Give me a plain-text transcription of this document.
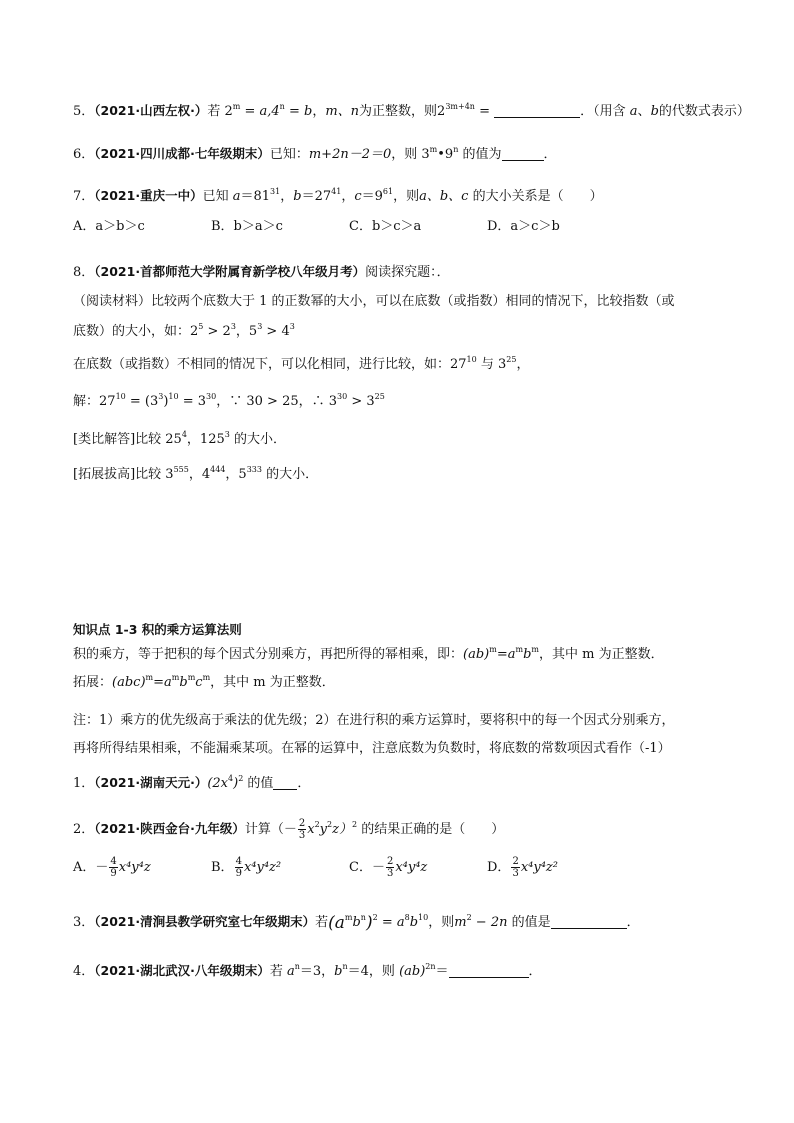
5．（2021·山西左权·）若 $2^m = a,4^n = b$，m、n为正整数，则$2^{3m+4n}$ =	．（用含 a、b的代数式表示）
6．（2021·四川成都·七年级期末）已知：m+2n－2＝0，则 3$^m$•9$^n$ 的值为	．
7．（2021·重庆一中）已知 $a=81^{31}$，$b=27^{41}$，$c=9^{61}$，则a、b、c 的大小关系是（　　）
A．a＞b＞c	B．b＞a＞c	C．b＞c＞a	D．a＞c＞b
8．（2021·首都师范大学附属育新学校八年级月考）阅读探究题：．
（阅读材料）比较两个底数大于 1 的正数幂的大小，可以在底数（或指数）相同的情况下，比较指数（或
底数）的大小，如：$2^5 > 2^3$，$5^3 > 4^3$
在底数（或指数）不相同的情况下，可以化相同，进行比较，如：$27^{10}$ 与 $3^{25}$，
解：$27^{10} = (3^3)^{10} = 3^{30}$，∵ 30 > 25，∴ $3^{30} > 3^{25}$
[类比解答]比较 $25^4$，$125^3$ 的大小．
[拓展拔高]比较 $3^{555}$，$4^{444}$，$5^{333}$ 的大小．
知识点 1-3 积的乘方运算法则
积的乘方，等于把积的每个因式分别乘方，再把所得的幂相乘，即：$(ab)^m=a^mb^m$，其中 m 为正整数．
拓展：$(abc)^m=a^mb^mc^m$，其中 m 为正整数．
注：1）乘方的优先级高于乘法的优先级；2）在进行积的乘方运算时，要将积中的每一个因式分别乘方，
再将所得结果相乘，不能漏乘某项。在幂的运算中，注意底数为负数时，将底数的常数项因式看作（-1）
1．（2021·湖南天元$\cdot)(2x^4)^2$ 的值 ．
2．（2021·陕西金台·九年级）计算（－ $\frac{2}{3} x^2y^2z)^2$ 的结果正确的是（　　）
A．－ $\frac{4}{9} x^4y^4z$	B． $\frac{4}{9} x^4y^4z^2$	C．－ $\frac{2}{3} x^4y^4z$	D． $\frac{2}{3} x^4y^4z^2$
3．（2021·清涧县教学研究室七年级期末）若$(a^mb^n)^2 = a^8b^{10}$，则$m^2 - 2n$ 的值是	．
4．（2021·湖北武汉·八年级期末）若 $a^n=3$，$b^n=4$，则 (ab)$^{2n}$＝	．
